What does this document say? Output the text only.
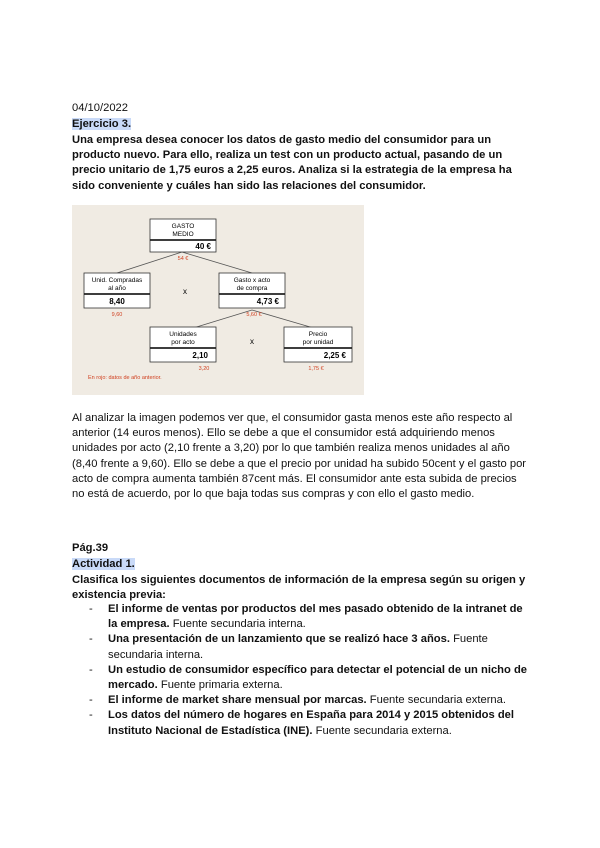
04/10/2022
Ejercicio 3.
Una empresa desea conocer los datos de gasto medio del consumidor para un producto nuevo. Para ello, realiza un test con un producto actual, pasando de un precio unitario de 1,75 euros a 2,25 euros. Analiza si la estrategia de la empresa ha sido conveniente y cuáles han sido las relaciones del consumidor.
GASTO
MEDIO
40 €
54 €
Unid. Compradas
al año
8,40
9,60
x
Gasto x acto
de compra
4,73 €
5,60 €
Unidades
por acto
2,10
3,20
x
Precio
por unidad
2,25 €
1,75 €
En rojo: datos de año anterior.
Al analizar la imagen podemos ver que, el consumidor gasta menos este año respecto al anterior (14 euros menos). Ello se debe a que el consumidor está adquiriendo menos unidades por acto (2,10 frente a 3,20) por lo que también realiza menos unidades al año (8,40 frente a 9,60). Ello se debe a que el precio por unidad ha subido 50cent y el gasto por acto de compra aumenta también 87cent más. El consumidor ante esta subida de precios no está de acuerdo, por lo que baja todas sus compras y con ello el gasto medio.
Pág.39
Actividad 1.
Clasifica los siguientes documentos de información de la empresa según su origen y existencia previa:
- El informe de ventas por productos del mes pasado obtenido de la intranet de la empresa. Fuente secundaria interna.
- Una presentación de un lanzamiento que se realizó hace 3 años. Fuente secundaria interna.
- Un estudio de consumidor específico para detectar el potencial de un nicho de mercado. Fuente primaria externa.
- El informe de market share mensual por marcas. Fuente secundaria externa.
- Los datos del número de hogares en España para 2014 y 2015 obtenidos del Instituto Nacional de Estadística (INE). Fuente secundaria externa.
